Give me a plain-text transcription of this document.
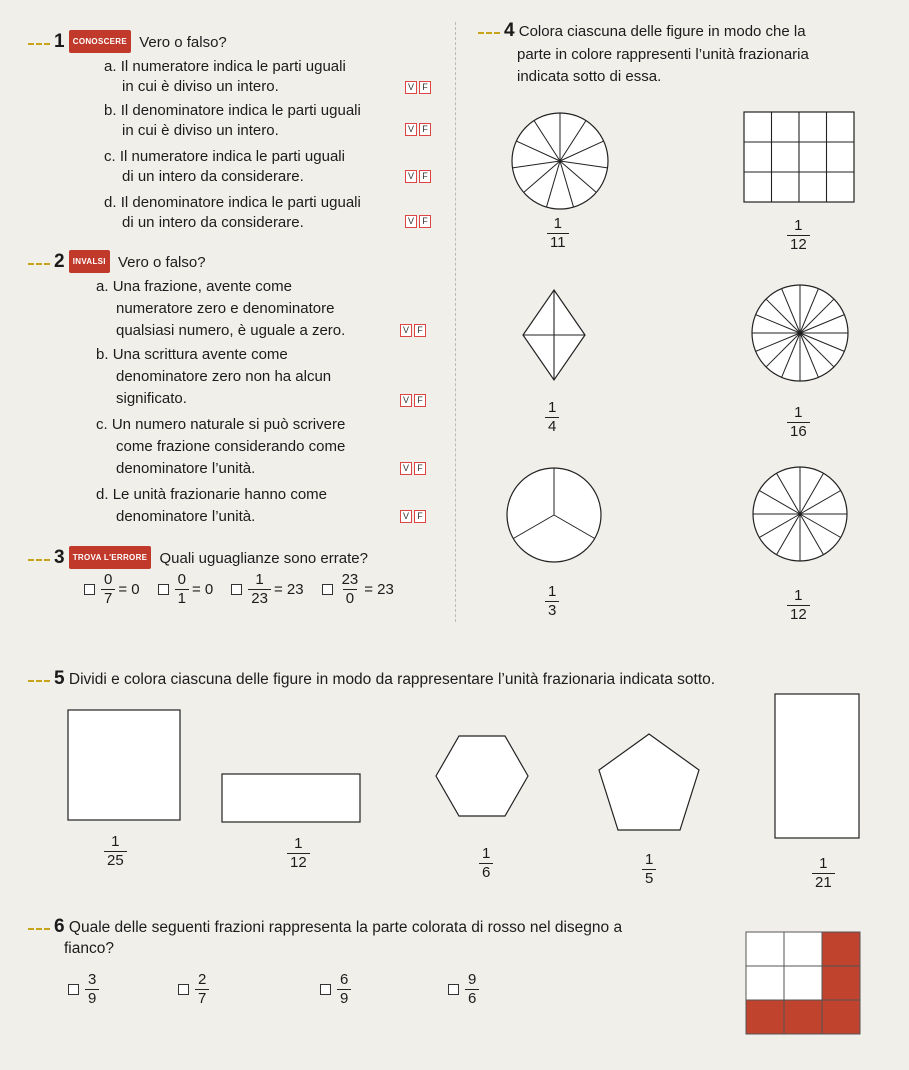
1 CONOSCERE Vero o falso?
a. Il numeratore indica le parti uguali
in cui è diviso un intero.	V F
b. Il denominatore indica le parti uguali
in cui è diviso un intero.	V F
c. Il numeratore indica le parti uguali
di un intero da considerare.	V F
d. Il denominatore indica le parti uguali
di un intero da considerare.	V F
2 INVALSI Vero o falso?
a. Una frazione, avente come
numeratore zero e denominatore
qualsiasi numero, è uguale a zero.	V F
b. Una scrittura avente come
denominatore zero non ha alcun
significato.	V F
c. Un numero naturale si può scrivere
come frazione considerando come
denominatore l’unità.	V F
d. Le unità frazionarie hanno come
denominatore l’unità.	V F
3 TROVA L'ERRORE Quali uguaglianze sono errate?
$\frac{0}{7} = 0 \frac{0}{1} = 0 \frac{1}{23} = 23 \frac{23}{0} = 23$
4 Colora ciascuna delle figure in modo che la
parte in colore rappresenti l’unità frazionaria
indicata sotto di essa.
$\frac{1}{11}$	$\frac{1}{12}$
$\frac{1}{4}$	$\frac{1}{16}$
$\frac{1}{3}$	$\frac{1}{12}$
5 Dividi e colora ciascuna delle figure in modo da rappresentare l’unità frazionaria indicata sotto.
$\frac{1}{25}$	$\frac{1}{12}$	$\frac{1}{6}$	$\frac{1}{5}$	$\frac{1}{21}$
6 Quale delle seguenti frazioni rappresenta la parte colorata di rosso nel disegno a
fianco?
$\frac{3}{9}$	$\frac{2}{7}$	$\frac{6}{9}$	$\frac{9}{6}$
